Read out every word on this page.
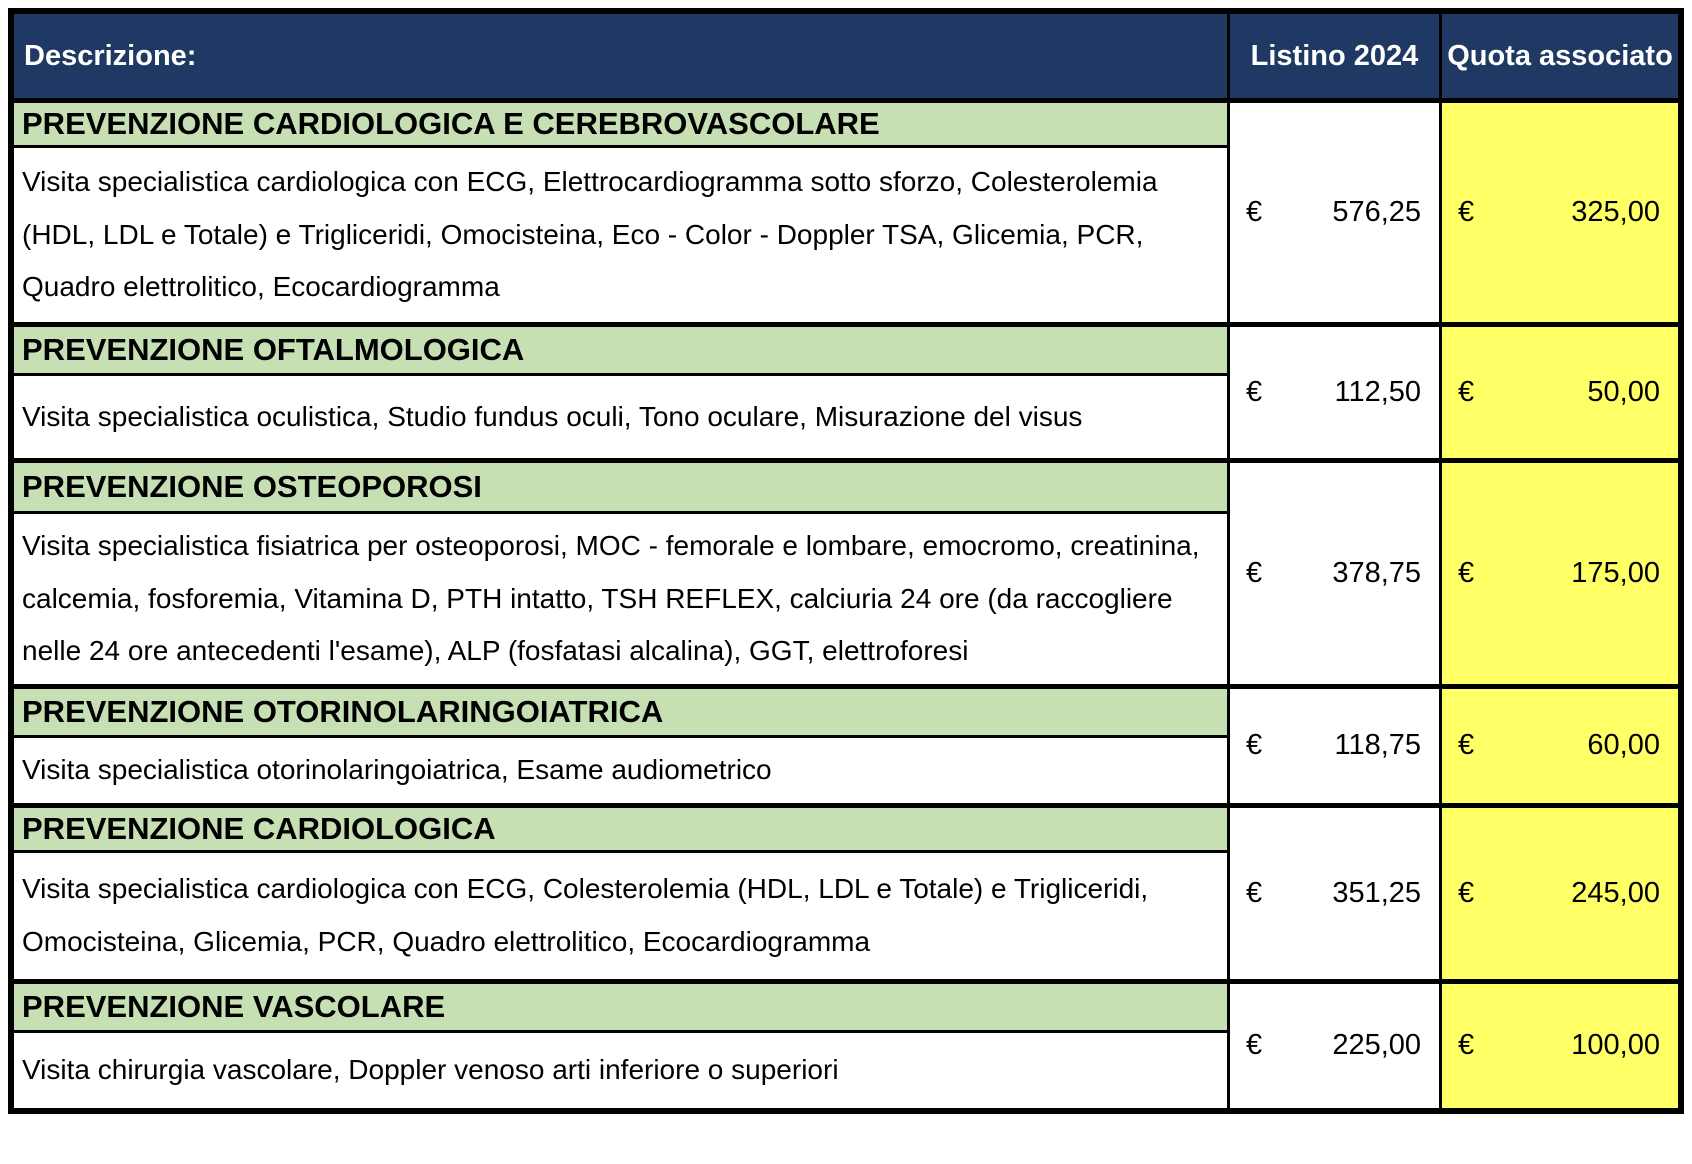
Descrizione:	Listino 2024	Quota associato
PREVENZIONE CARDIOLOGICA E CEREBROVASCOLARE	€ 576,25	€ 325,00

Visita specialistica cardiologica con ECG, Elettrocardiogramma sotto sforzo, Colesterolemia (HDL, LDL e Totale) e Trigliceridi, Omocisteina, Eco - Color - Doppler TSA, Glicemia, PCR, Quadro elettrolitico, Ecocardiogramma		
PREVENZIONE OFTALMOLOGICA	€ 112,50	€ 50,00

Visita specialistica oculistica, Studio fundus oculi, Tono oculare, Misurazione del visus		
PREVENZIONE OSTEOPOROSI	€ 378,75	€ 175,00

Visita specialistica fisiatrica per osteoporosi, MOC - femorale e lombare, emocromo, creatinina, calcemia, fosforemia, Vitamina D, PTH intatto, TSH REFLEX, calciuria 24 ore (da raccogliere nelle 24 ore antecedenti l'esame), ALP (fosfatasi alcalina), GGT, elettroforesi		
PREVENZIONE OTORINOLARINGOIATRICA	€ 118,75	€ 60,00

Visita specialistica otorinolaringoiatrica, Esame audiometrico		
PREVENZIONE CARDIOLOGICA	€ 351,25	€ 245,00

Visita specialistica cardiologica con ECG, Colesterolemia (HDL, LDL e Totale) e Trigliceridi, Omocisteina, Glicemia, PCR, Quadro elettrolitico, Ecocardiogramma		
PREVENZIONE VASCOLARE	€ 225,00	€ 100,00

Visita chirurgia vascolare, Doppler venoso arti inferiore o superiori		
